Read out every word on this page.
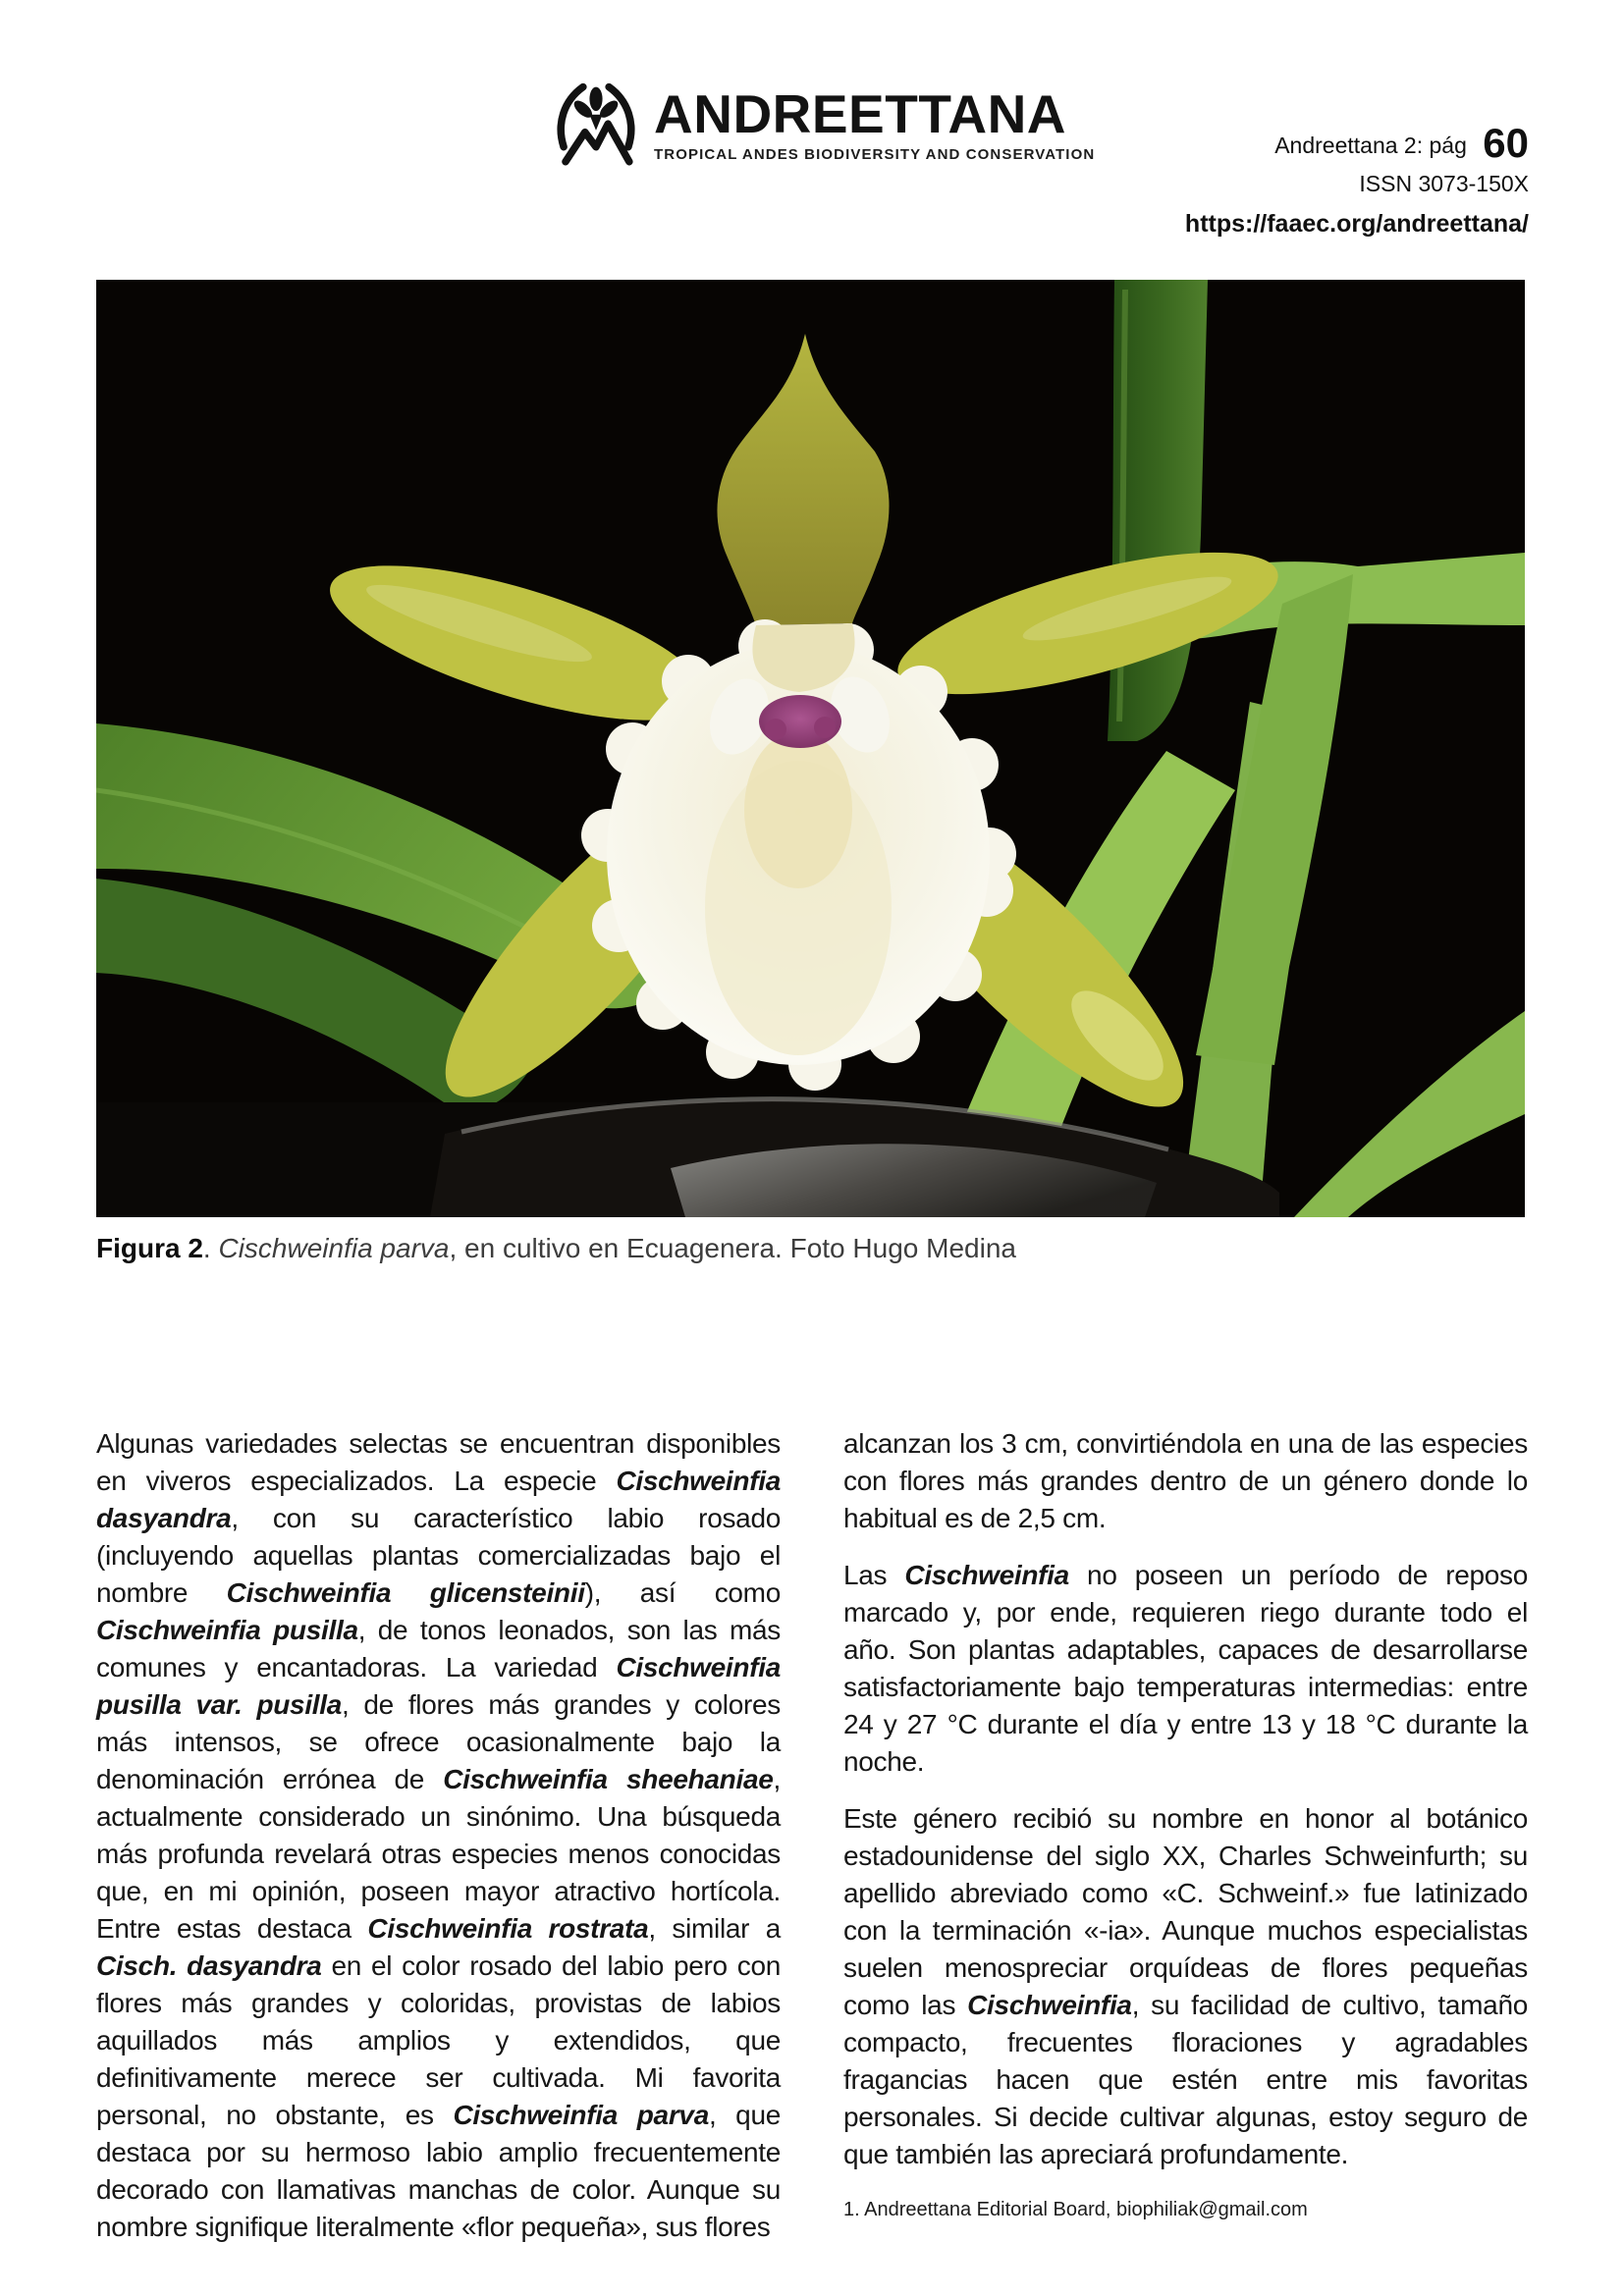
ANDREETTANA
TROPICAL ANDES BIODIVERSITY AND CONSERVATION	Andreettana 2: pág 60
ISSN 3073-150X
https://faaec.org/andreettana/
Figura 2. Cischweinfia parva, en cultivo en Ecuagenera. Foto Hugo Medina

Algunas variedades selectas se encuentran disponibles en viveros especializados. La especie Cischweinfia dasyandra, con su característico labio rosado (incluyendo aquellas plantas comercializadas bajo el nombre Cischweinfia glicensteinii), así como Cischweinfia pusilla, de tonos leonados, son las más comunes y encantadoras. La variedad Cischweinfia pusilla var. pusilla, de flores más grandes y colores más intensos, se ofrece ocasionalmente bajo la denominación errónea de Cischweinfia sheehaniae, actualmente considerado un sinónimo. Una búsqueda más profunda revelará otras especies menos conocidas que, en mi opinión, poseen mayor atractivo hortícola. Entre estas destaca Cischweinfia rostrata, similar a Cisch. dasyandra en el color rosado del labio pero con flores más grandes y coloridas, provistas de labios aquillados más amplios y extendidos, que definitivamente merece ser cultivada. Mi favorita personal, no obstante, es Cischweinfia parva, que destaca por su hermoso labio amplio frecuentemente decorado con llamativas manchas de color. Aunque su nombre signifique literalmente «flor pequeña», sus flores

alcanzan los 3 cm, convirtiéndola en una de las especies con flores más grandes dentro de un género donde lo habitual es de 2,5 cm.

Las Cischweinfia no poseen un período de reposo marcado y, por ende, requieren riego durante todo el año. Son plantas adaptables, capaces de desarrollarse satisfactoriamente bajo temperaturas intermedias: entre 24 y 27 °C durante el día y entre 13 y 18 °C durante la noche.

Este género recibió su nombre en honor al botánico estadounidense del siglo XX, Charles Schweinfurth; su apellido abreviado como «C. Schweinf.» fue latinizado con la terminación «-ia». Aunque muchos especialistas suelen menospreciar orquídeas de flores pequeñas como las Cischweinfia, su facilidad de cultivo, tamaño compacto, frecuentes floraciones y agradables fragancias hacen que estén entre mis favoritas personales. Si decide cultivar algunas, estoy seguro de que también las apreciará profundamente.

1. Andreettana Editorial Board, biophiliak@gmail.com
